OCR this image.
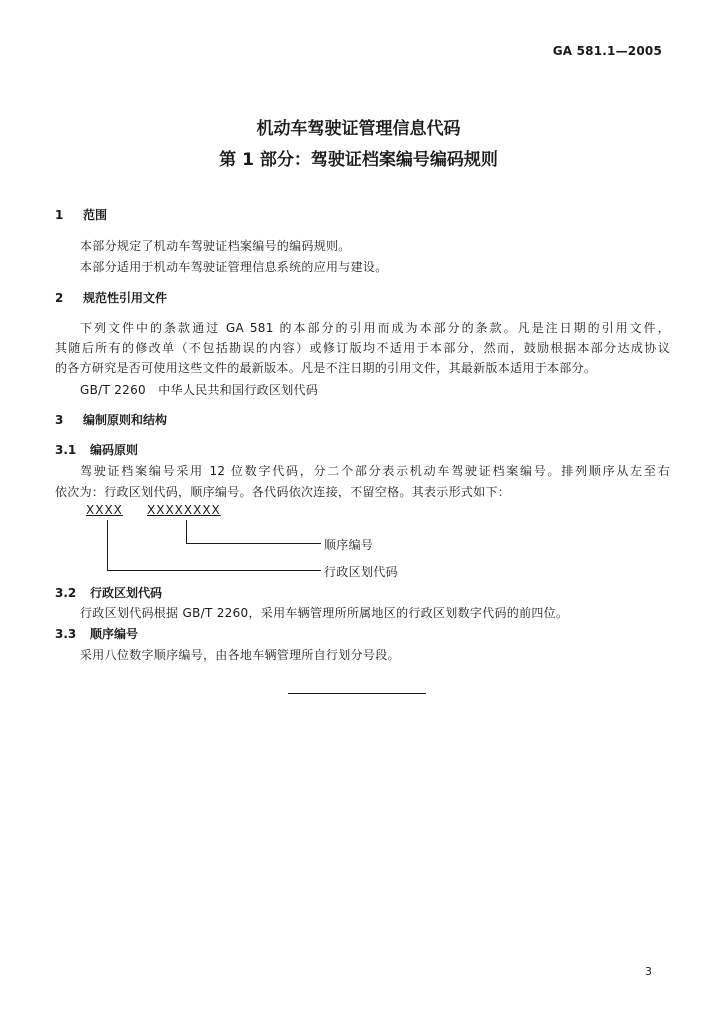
GA 581.1—2005
机动车驾驶证管理信息代码
第 1 部分：驾驶证档案编号编码规则
1 范围
本部分规定了机动车驾驶证档案编号的编码规则。
本部分适用于机动车驾驶证管理信息系统的应用与建设。
2 规范性引用文件
下列文件中的条款通过 GA 581 的本部分的引用而成为本部分的条款。凡是注日期的引用文件，
其随后所有的修改单（不包括勘误的内容）或修订版均不适用于本部分，然而，鼓励根据本部分达成协议
的各方研究是否可使用这些文件的最新版本。凡是不注日期的引用文件，其最新版本适用于本部分。
GB/T 2260　中华人民共和国行政区划代码
3 编制原则和结构
3.1 编码原则
驾驶证档案编号采用 12 位数字代码，分二个部分表示机动车驾驶证档案编号。排列顺序从左至右
依次为：行政区划代码，顺序编号。各代码依次连接，不留空格。其表示形式如下：
XXXX XXXXXXXX
顺序编号
行政区划代码
3.2 行政区划代码
行政区划代码根据 GB/T 2260，采用车辆管理所所属地区的行政区划数字代码的前四位。
3.3 顺序编号
采用八位数字顺序编号，由各地车辆管理所自行划分号段。
3
